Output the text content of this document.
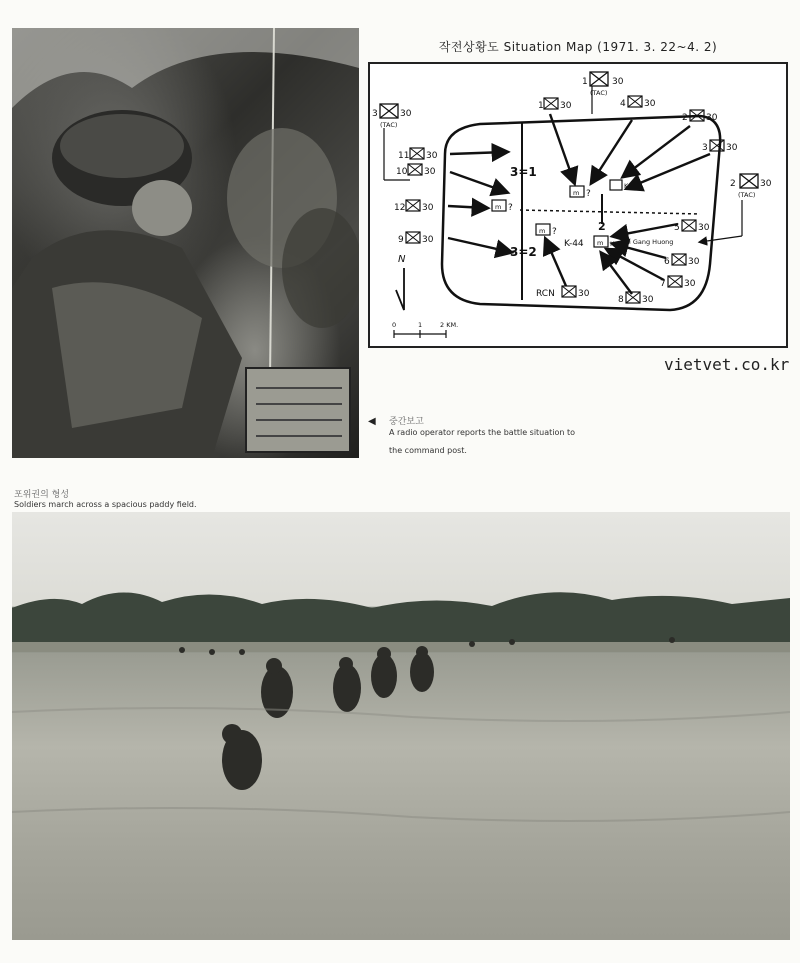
작전상황도 Situation Map (1971. 3. 22~4. 2)
1	30
(TAC)
1 30	4 30
2 30
3 30
3 30
(TAC)
11 30
10 30
12 30
9 30
2	30
(TAC)
5 30
6 30
7 30
8 30
RCN	30
m ?
K/H
m ?
m ?
m
K-44	K/H
3=1
3=2
2
Nui Gang Huong
N
0	1	2 KM.
vietvet.co.kr
◀ 중간보고
A radio operator reports the battle situation to
the command post.
포위권의 형성
Soldiers march across a spacious paddy field.
